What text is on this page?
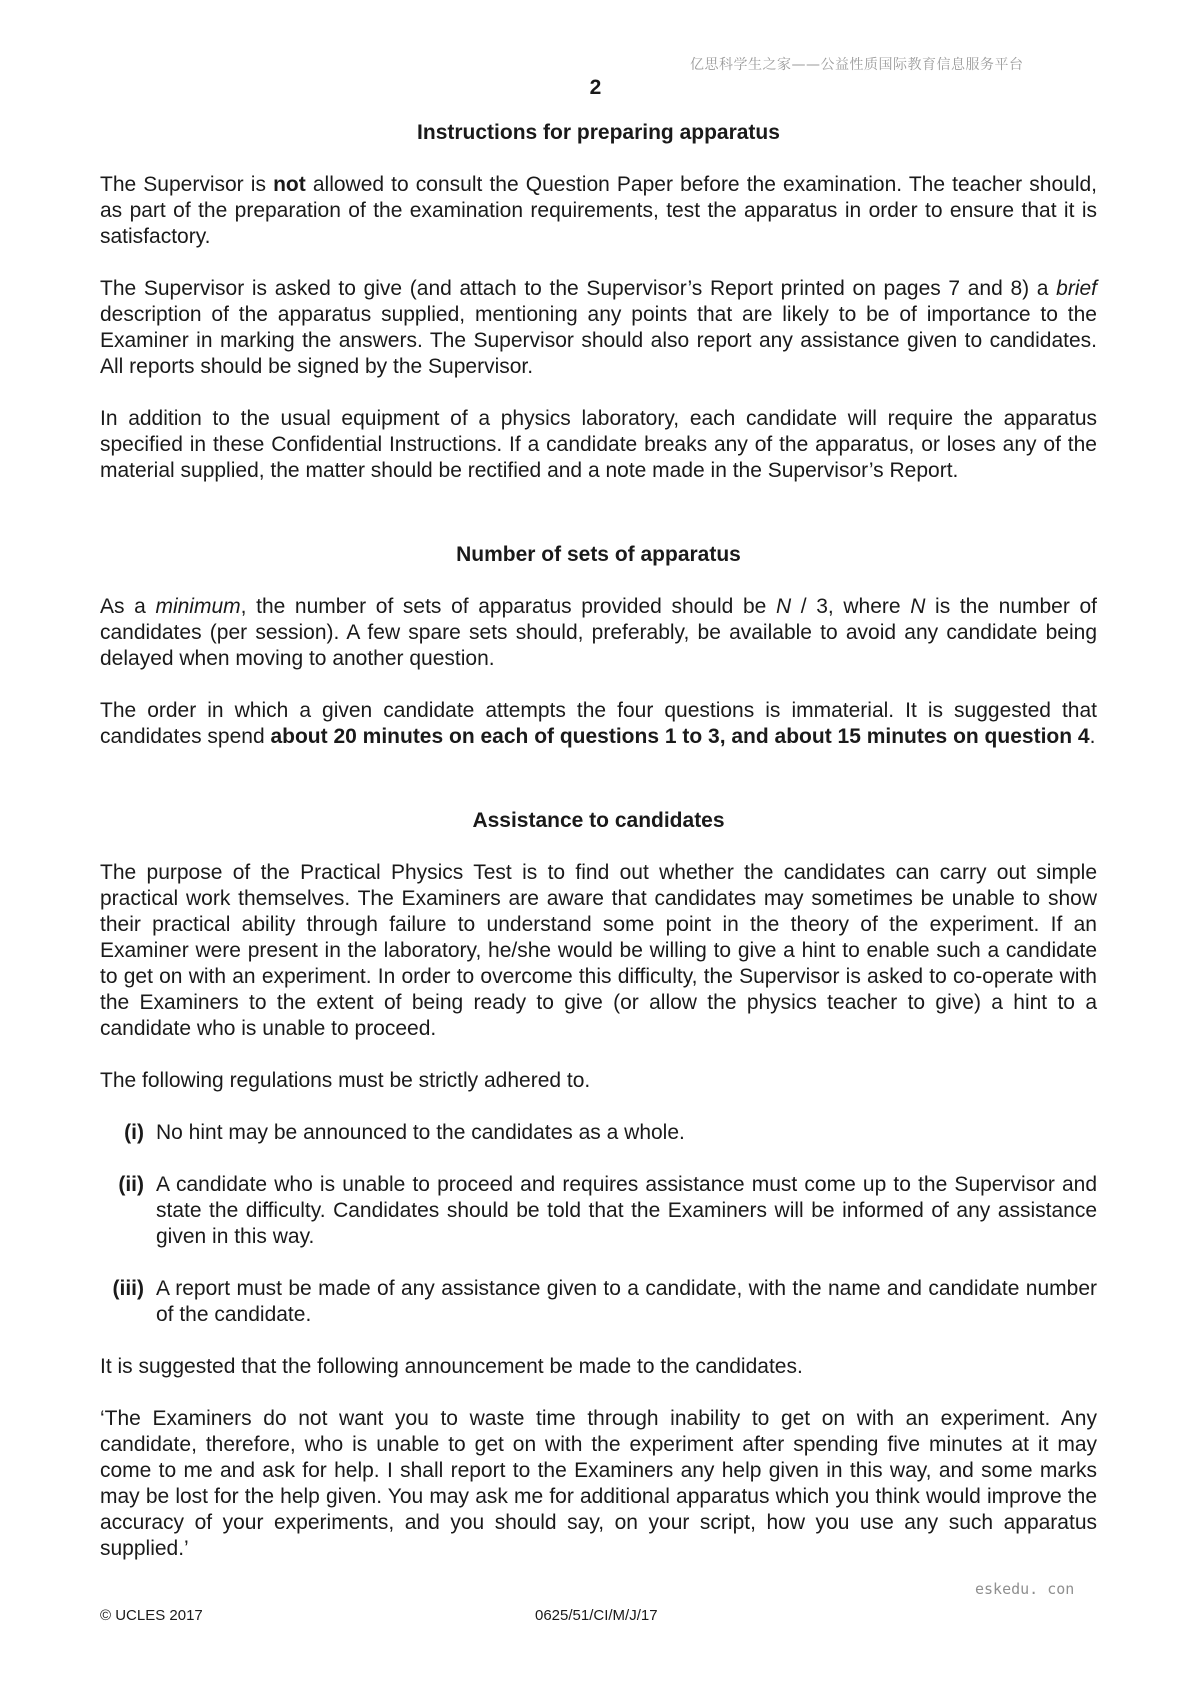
亿思科学生之家——公益性质国际教育信息服务平台
2
Instructions for preparing apparatus

The Supervisor is not allowed to consult the Question Paper before the examination. The teacher should, as part of the preparation of the examination requirements, test the apparatus in order to ensure that it is satisfactory.

The Supervisor is asked to give (and attach to the Supervisor’s Report printed on pages 7 and 8) a brief description of the apparatus supplied, mentioning any points that are likely to be of importance to the Examiner in marking the answers. The Supervisor should also report any assistance given to candidates. All reports should be signed by the Supervisor.

In addition to the usual equipment of a physics laboratory, each candidate will require the apparatus specified in these Confidential Instructions. If a candidate breaks any of the apparatus, or loses any of the material supplied, the matter should be rectified and a note made in the Supervisor’s Report.

Number of sets of apparatus

As a minimum, the number of sets of apparatus provided should be N / 3, where N is the number of candidates (per session). A few spare sets should, preferably, be available to avoid any candidate being delayed when moving to another question.

The order in which a given candidate attempts the four questions is immaterial. It is suggested that candidates spend about 20 minutes on each of questions 1 to 3, and about 15 minutes on question 4.

Assistance to candidates

The purpose of the Practical Physics Test is to find out whether the candidates can carry out simple practical work themselves. The Examiners are aware that candidates may sometimes be unable to show their practical ability through failure to understand some point in the theory of the experiment. If an Examiner were present in the laboratory, he/she would be willing to give a hint to enable such a candidate to get on with an experiment. In order to overcome this difficulty, the Supervisor is asked to co-operate with the Examiners to the extent of being ready to give (or allow the physics teacher to give) a hint to a candidate who is unable to proceed.

The following regulations must be strictly adhered to.

(i) No hint may be announced to the candidates as a whole.
(ii) A candidate who is unable to proceed and requires assistance must come up to the Supervisor and state the difficulty. Candidates should be told that the Examiners will be informed of any assistance given in this way.
(iii) A report must be made of any assistance given to a candidate, with the name and candidate number of the candidate.

It is suggested that the following announcement be made to the candidates.

‘The Examiners do not want you to waste time through inability to get on with an experiment. Any candidate, therefore, who is unable to get on with the experiment after spending five minutes at it may come to me and ask for help. I shall report to the Examiners any help given in this way, and some marks may be lost for the help given. You may ask me for additional apparatus which you think would improve the accuracy of your experiments, and you should say, on your script, how you use any such apparatus supplied.’

eskedu. con
© UCLES 2017	0625/51/CI/M/J/17
